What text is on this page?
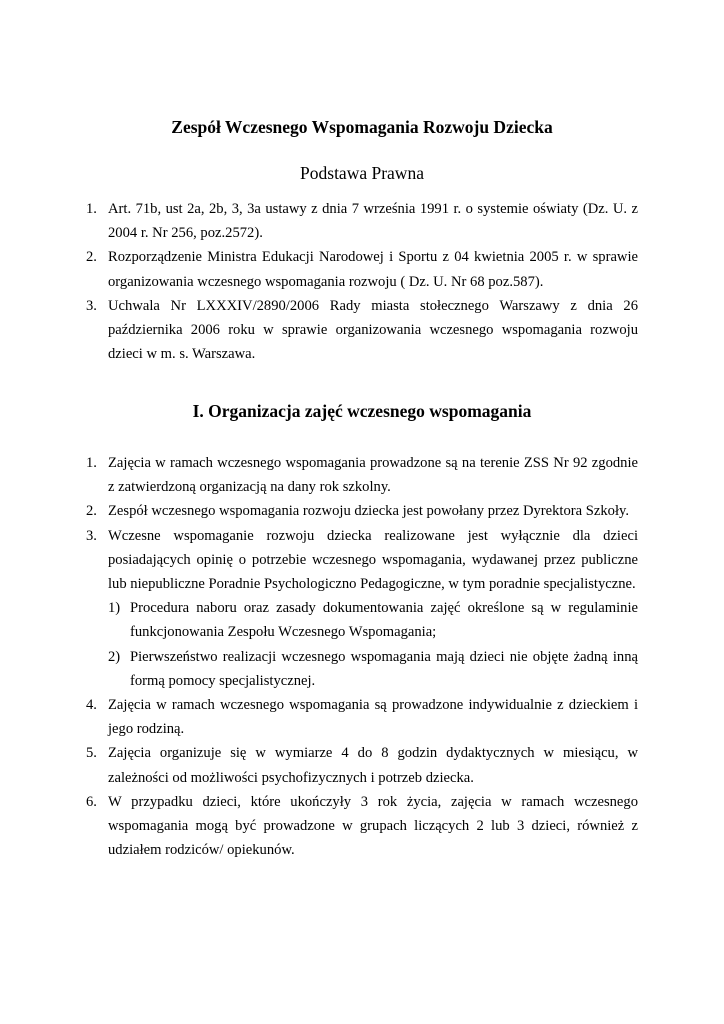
Zespół Wczesnego Wspomagania Rozwoju Dziecka
Podstawa Prawna
1. Art. 71b, ust 2a, 2b, 3, 3a ustawy z dnia 7 września 1991 r. o systemie oświaty (Dz. U. z 2004 r. Nr 256, poz.2572).
2. Rozporządzenie Ministra Edukacji Narodowej i Sportu z 04 kwietnia 2005 r. w sprawie organizowania wczesnego wspomagania rozwoju ( Dz. U. Nr 68 poz.587).
3. Uchwala Nr LXXXIV/2890/2006 Rady miasta stołecznego Warszawy z dnia 26 października 2006 roku w sprawie organizowania wczesnego wspomagania rozwoju dzieci w m. s. Warszawa.
I. Organizacja zajęć wczesnego wspomagania
1. Zajęcia w ramach wczesnego wspomagania prowadzone są na terenie ZSS Nr 92 zgodnie z zatwierdzoną organizacją na dany rok szkolny.
2. Zespół wczesnego wspomagania rozwoju dziecka jest powołany przez Dyrektora Szkoły.
3. Wczesne wspomaganie rozwoju dziecka realizowane jest wyłącznie dla dzieci posiadających opinię o potrzebie wczesnego wspomagania, wydawanej przez publiczne lub niepubliczne Poradnie Psychologiczno Pedagogiczne, w tym poradnie specjalistyczne.
1) Procedura naboru oraz zasady dokumentowania zajęć określone są w regulaminie funkcjonowania Zespołu Wczesnego Wspomagania;
2) Pierwszeństwo realizacji wczesnego wspomagania mają dzieci nie objęte żadną inną formą pomocy specjalistycznej.
4. Zajęcia w ramach wczesnego wspomagania są prowadzone indywidualnie z dzieckiem i jego rodziną.
5. Zajęcia organizuje się w wymiarze 4 do 8 godzin dydaktycznych w miesiącu, w zależności od możliwości psychofizycznych i potrzeb dziecka.
6. W przypadku dzieci, które ukończyły 3 rok życia, zajęcia w ramach wczesnego wspomagania mogą być prowadzone w grupach liczących 2 lub 3 dzieci, również z udziałem rodziców/ opiekunów.
